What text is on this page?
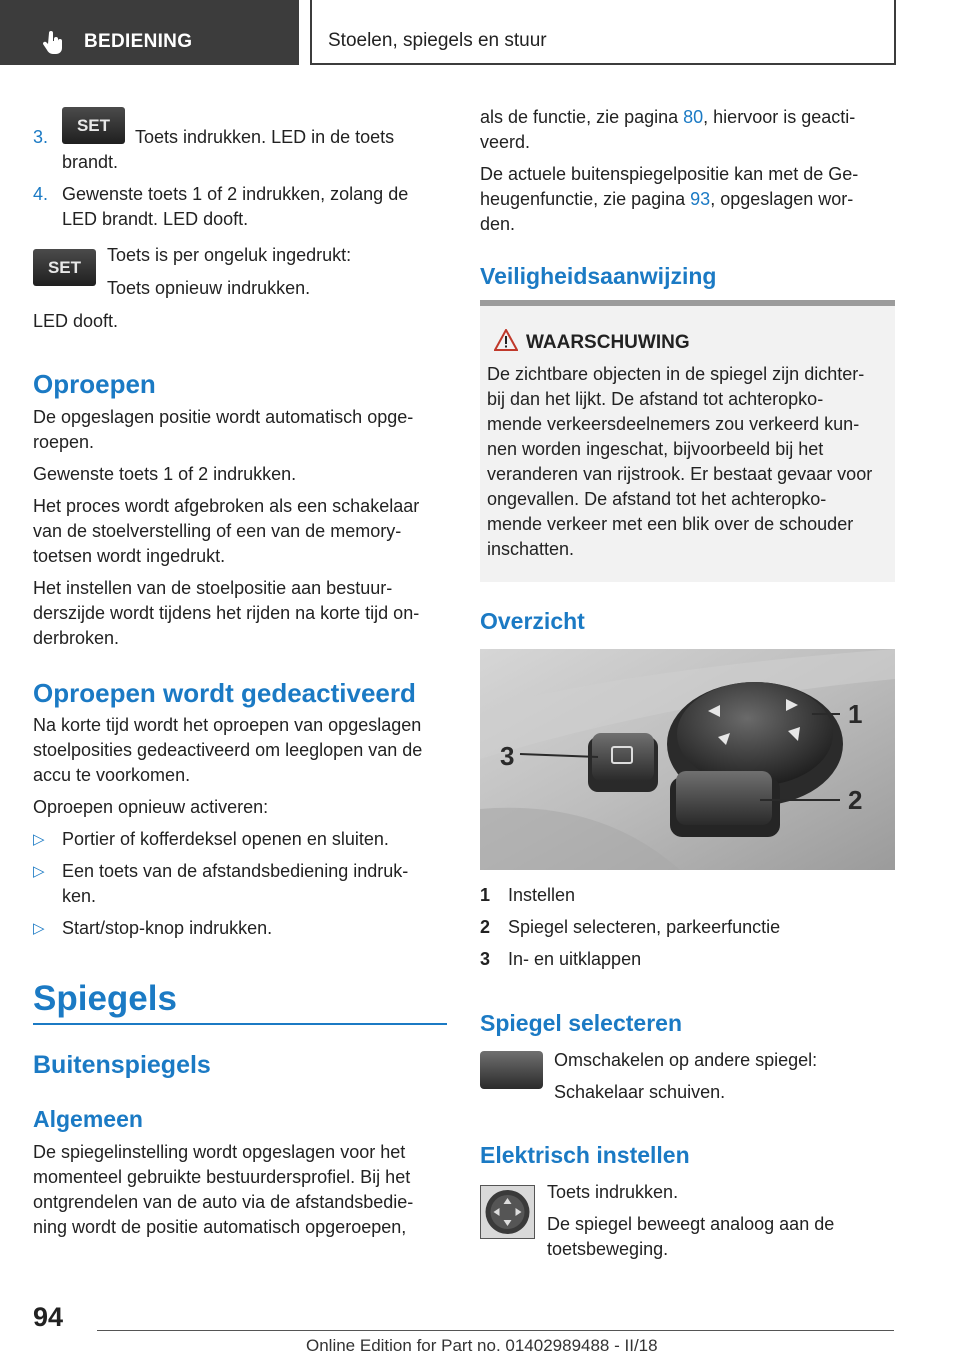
BEDIENING	Stoelen, spiegels en stuur
3.
SET
Toets indrukken. LED in de toets
brandt.
4. Gewenste toets 1 of 2 indrukken, zolang de
LED brandt. LED dooft.
SET
Toets is per ongeluk ingedrukt:
Toets opnieuw indrukken.
LED dooft.
Oproepen
De opgeslagen positie wordt automatisch opge-
roepen.
Gewenste toets 1 of 2 indrukken.
Het proces wordt afgebroken als een schakelaar
van de stoelverstelling of een van de memory-
toetsen wordt ingedrukt.
Het instellen van de stoelpositie aan bestuur-
derszijde wordt tijdens het rijden na korte tijd on-
derbroken.
Oproepen wordt gedeactiveerd
Na korte tijd wordt het oproepen van opgeslagen
stoelposities gedeactiveerd om leeglopen van de
accu te voorkomen.
Oproepen opnieuw activeren:
▷ Portier of kofferdeksel openen en sluiten.
▷ Een toets van de afstandsbediening indruk-
ken.
▷ Start/stop-knop indrukken.
Spiegels
Buitenspiegels
Algemeen
De spiegelinstelling wordt opgeslagen voor het
momenteel gebruikte bestuurdersprofiel. Bij het
ontgrendelen van de auto via de afstandsbedie-
ning wordt de positie automatisch opgeroepen,
als de functie, zie pagina 80, hiervoor is geacti-
veerd.
De actuele buitenspiegelpositie kan met de Ge-
heugenfunctie, zie pagina 93, opgeslagen wor-
den.
Veiligheidsaanwijzing
WAARSCHUWING
De zichtbare objecten in de spiegel zijn dichter-
bij dan het lijkt. De afstand tot achteropko-
mende verkeersdeelnemers zou verkeerd kun-
nen worden ingeschat, bijvoorbeeld bij het
veranderen van rijstrook. Er bestaat gevaar voor
ongevallen. De afstand tot het achteropko-
mende verkeer met een blik over de schouder
inschatten.
Overzicht
1
2
3
1 Instellen
2 Spiegel selecteren, parkeerfunctie
3 In- en uitklappen
Spiegel selecteren
Omschakelen op andere spiegel:
Schakelaar schuiven.
Elektrisch instellen
Toets indrukken.
De spiegel beweegt analoog aan de
toetsbeweging.
94
Online Edition for Part no. 01402989488 - II/18
